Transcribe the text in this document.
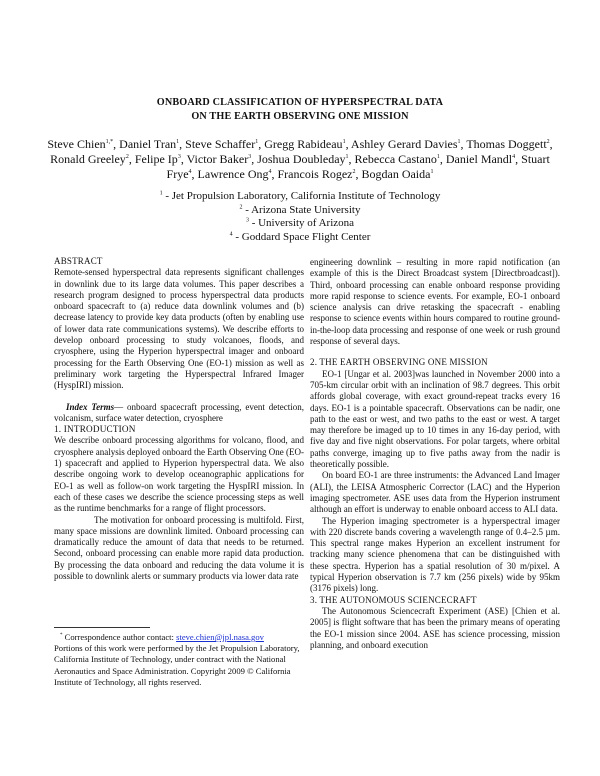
ONBOARD CLASSIFICATION OF HYPERSPECTRAL DATA
ON THE EARTH OBSERVING ONE MISSION
Steve Chien$^{1,*}$, Daniel Tran$^1$, Steve Schaffer$^1$, Gregg Rabideau$^1$, Ashley Gerard Davies$^1$, Thomas Doggett$^2$, Ronald Greeley$^2$, Felipe Ip$^3$, Victor Baker$^3$, Joshua Doubleday$^1$, Rebecca Castano$^1$, Daniel Mandl$^4$, Stuart Frye$^4$, Lawrence Ong$^4$, Francois Rogez$^2$, Bogdan Oaida$^1$
$^1$ - Jet Propulsion Laboratory, California Institute of Technology
$^2$ - Arizona State University
$^3$ - University of Arizona
$^4$ - Goddard Space Flight Center

ABSTRACT

Remote-sensed hyperspectral data represents significant challenges in downlink due to its large data volumes. This paper describes a research program designed to process hyperspectral data products onboard spacecraft to (a) reduce data downlink volumes and (b) decrease latency to provide key data products (often by enabling use of lower data rate communications systems). We describe efforts to develop onboard processing to study volcanoes, floods, and cryosphere, using the Hyperion hyperspectral imager and onboard processing for the Earth Observing One (EO-1) mission as well as preliminary work targeting the Hyperspectral Infrared Imager (HyspIRI) mission.

Index Terms— onboard spacecraft processing, event detection, volcanism, surface water detection, cryosphere

1. INTRODUCTION

We describe onboard processing algorithms for volcano, flood, and cryosphere analysis deployed onboard the Earth Observing One (EO-1) spacecraft and applied to Hyperion hyperspectral data. We also describe ongoing work to develop oceanographic applications for EO-1 as well as follow-on work targeting the HyspIRI mission. In each of these cases we describe the science processing steps as well as the runtime benchmarks for a range of flight processors.

The motivation for onboard processing is multifold. First, many space missions are downlink limited. Onboard processing can dramatically reduce the amount of data that needs to be returned. Second, onboard processing can enable more rapid data production. By processing the data onboard and reducing the data volume it is possible to downlink alerts or summary products via lower data rate

* Correspondence author contact: steve.chien@jpl.nasa.gov
Portions of this work were performed by the Jet Propulsion Laboratory, California Institute of Technology, under contract with the National Aeronautics and Space Administration. Copyright 2009 © California Institute of Technology, all rights reserved.

engineering downlink – resulting in more rapid notification (an example of this is the Direct Broadcast system [Directbroadcast]). Third, onboard processing can enable onboard response providing more rapid response to science events. For example, EO-1 onboard science analysis can drive retasking the spacecraft - enabling response to science events within hours compared to routine ground-in-the-loop data processing and response of one week or rush ground response of several days.

2. THE EARTH OBSERVING ONE MISSION

EO-1 [Ungar et al. 2003]was launched in November 2000 into a 705-km circular orbit with an inclination of 98.7 degrees. This orbit affords global coverage, with exact ground-repeat tracks every 16 days. EO-1 is a pointable spacecraft. Observations can be nadir, one path to the east or west, and two paths to the east or west. A target may therefore be imaged up to 10 times in any 16-day period, with five day and five night observations. For polar targets, where orbital paths converge, imaging up to five paths away from the nadir is theoretically possible.

On board EO-1 are three instruments: the Advanced Land Imager (ALI), the LEISA Atmospheric Corrector (LAC) and the Hyperion imaging spectrometer. ASE uses data from the Hyperion instrument although an effort is underway to enable onboard access to ALI data.

The Hyperion imaging spectrometer is a hyperspectral imager with 220 discrete bands covering a wavelength range of 0.4–2.5 µm. This spectral range makes Hyperion an excellent instrument for tracking many science phenomena that can be distinguished with these spectra. Hyperion has a spatial resolution of 30 m/pixel. A typical Hyperion observation is 7.7 km (256 pixels) wide by 95km (3176 pixels) long.

3. THE AUTONOMOUS SCIENCECRAFT

The Autonomous Sciencecraft Experiment (ASE) [Chien et al. 2005] is flight software that has been the primary means of operating the EO-1 mission since 2004. ASE has science processing, mission planning, and onboard execution
